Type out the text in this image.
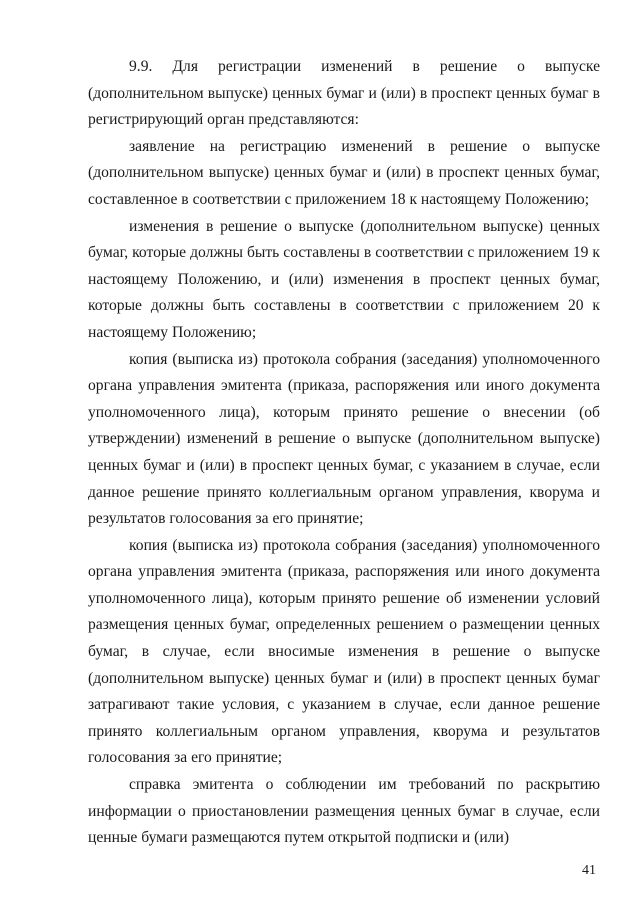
9.9. Для регистрации изменений в решение о выпуске (дополнительном выпуске) ценных бумаг и (или) в проспект ценных бумаг в регистрирующий орган представляются:

заявление на регистрацию изменений в решение о выпуске (дополнительном выпуске) ценных бумаг и (или) в проспект ценных бумаг, составленное в соответствии с приложением 18 к настоящему Положению;

изменения в решение о выпуске (дополнительном выпуске) ценных бумаг, которые должны быть составлены в соответствии с приложением 19 к настоящему Положению, и (или) изменения в проспект ценных бумаг, которые должны быть составлены в соответствии с приложением 20 к настоящему Положению;

копия (выписка из) протокола собрания (заседания) уполномоченного органа управления эмитента (приказа, распоряжения или иного документа уполномоченного лица), которым принято решение о внесении (об утверждении) изменений в решение о выпуске (дополнительном выпуске) ценных бумаг и (или) в проспект ценных бумаг, с указанием в случае, если данное решение принято коллегиальным органом управления, кворума и результатов голосования за его принятие;

копия (выписка из) протокола собрания (заседания) уполномоченного органа управления эмитента (приказа, распоряжения или иного документа уполномоченного лица), которым принято решение об изменении условий размещения ценных бумаг, определенных решением о размещении ценных бумаг, в случае, если вносимые изменения в решение о выпуске (дополнительном выпуске) ценных бумаг и (или) в проспект ценных бумаг затрагивают такие условия, с указанием в случае, если данное решение принято коллегиальным органом управления, кворума и результатов голосования за его принятие;

справка эмитента о соблюдении им требований по раскрытию информации о приостановлении размещения ценных бумаг в случае, если ценные бумаги размещаются путем открытой подписки и (или)

41
